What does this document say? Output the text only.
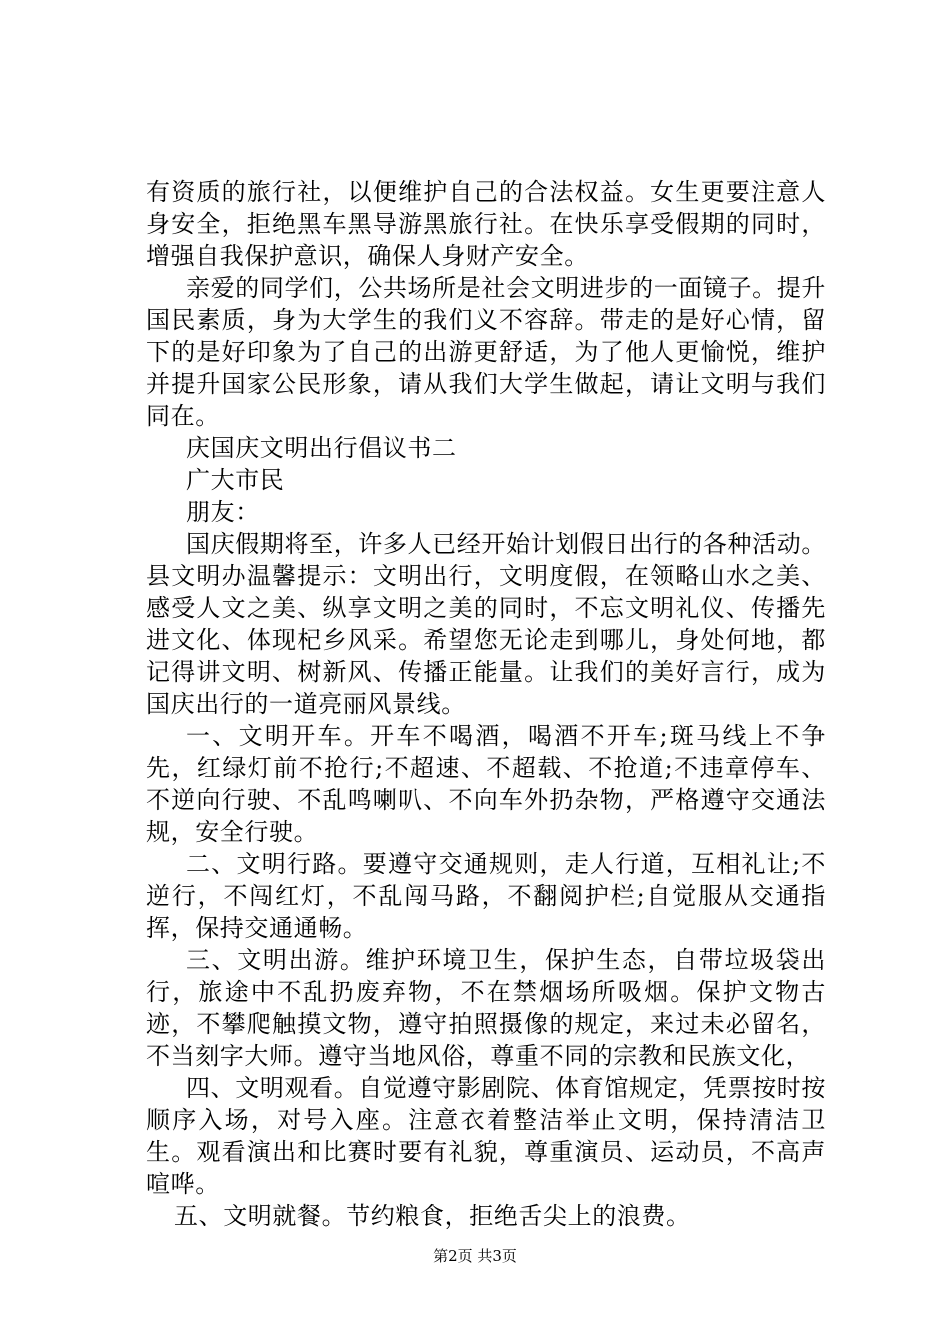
有资质的旅行社，以便维护自己的合法权益。女生更要注意人身安全，拒绝黑车黑导游黑旅行社。在快乐享受假期的同时，增强自我保护意识，确保人身财产安全。

亲爱的同学们，公共场所是社会文明进步的一面镜子。提升国民素质，身为大学生的我们义不容辞。带走的是好心情，留下的是好印象为了自己的出游更舒适，为了他人更愉悦，维护并提升国家公民形象，请从我们大学生做起，请让文明与我们同在。

庆国庆文明出行倡议书二

广大市民

朋友：

国庆假期将至，许多人已经开始计划假日出行的各种活动。县文明办温馨提示：文明出行，文明度假，在领略山水之美、感受人文之美、纵享文明之美的同时，不忘文明礼仪、传播先进文化、体现杞乡风采。希望您无论走到哪儿，身处何地，都记得讲文明、树新风、传播正能量。让我们的美好言行，成为国庆出行的一道亮丽风景线。

一、文明开车。开车不喝酒，喝酒不开车;斑马线上不争先，红绿灯前不抢行;不超速、不超载、不抢道;不违章停车、不逆向行驶、不乱鸣喇叭、不向车外扔杂物，严格遵守交通法规，安全行驶。

二、文明行路。要遵守交通规则，走人行道，互相礼让;不逆行，不闯红灯，不乱闯马路，不翻阅护栏;自觉服从交通指挥，保持交通通畅。

三、文明出游。维护环境卫生，保护生态，自带垃圾袋出行，旅途中不乱扔废弃物，不在禁烟场所吸烟。保护文物古迹，不攀爬触摸文物，遵守拍照摄像的规定，来过未必留名，不当刻字大师。遵守当地风俗，尊重不同的宗教和民族文化，

四、文明观看。自觉遵守影剧院、体育馆规定，凭票按时按顺序入场，对号入座。注意衣着整洁举止文明，保持清洁卫生。观看演出和比赛时要有礼貌，尊重演员、运动员，不高声喧哗。

五、文明就餐。节约粮食，拒绝舌尖上的浪费。

第2页 共3页
